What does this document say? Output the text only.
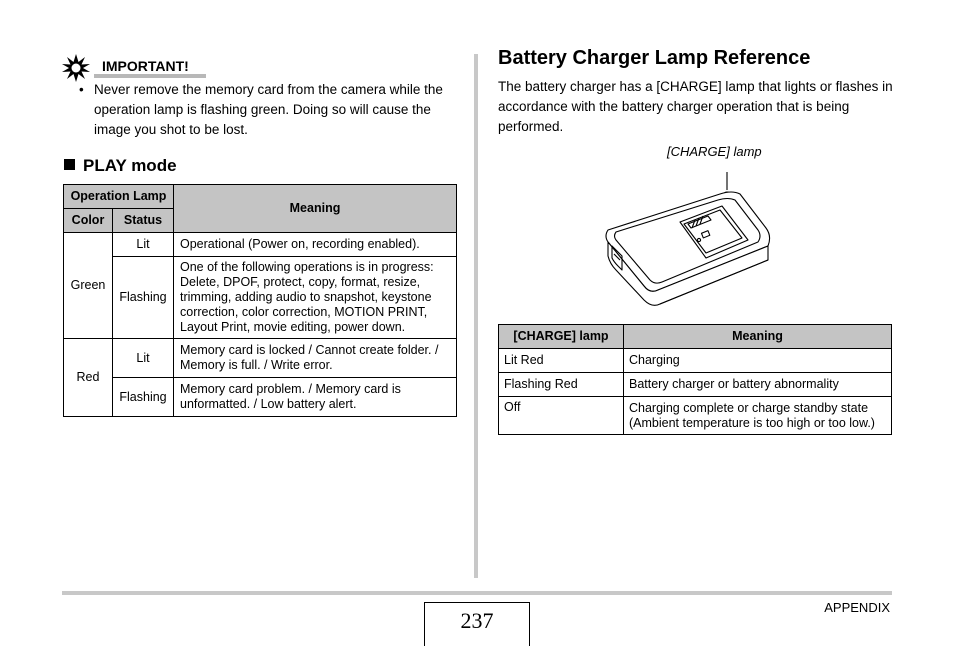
IMPORTANT!
• Never remove the memory card from the camera while the operation lamp is flashing green. Doing so will cause the image you shot to be lost.
PLAY mode
Operation Lamp		Meaning
Color	Status	
Green	Lit	Operational (Power on, recording enabled).
	Flashing	One of the following operations is in progress: Delete, DPOF, protect, copy, format, resize, trimming, adding audio to snapshot, keystone correction, color correction, MOTION PRINT, Layout Print, movie editing, power down.
Red	Lit	Memory card is locked / Cannot create folder. / Memory is full. / Write error.
	Flashing	Memory card problem. / Memory card is unformatted. / Low battery alert.
Battery Charger Lamp Reference
The battery charger has a [CHARGE] lamp that lights or flashes in accordance with the battery charger operation that is being performed.
[CHARGE] lamp
[CHARGE] lamp	Meaning
Lit Red	Charging
Flashing Red	Battery charger or battery abnormality
Off	Charging complete or charge standby state (Ambient temperature is too high or too low.)
APPENDIX
237
